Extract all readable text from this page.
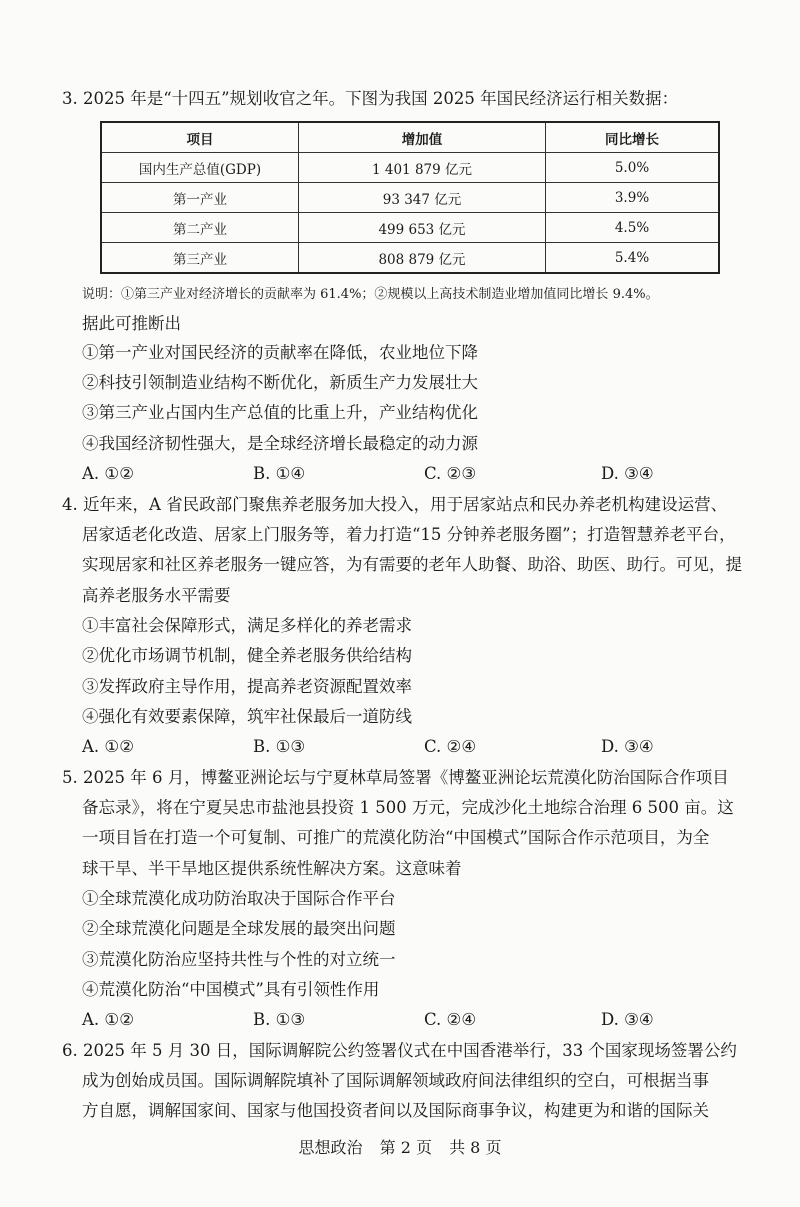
3. 2025 年是“十四五”规划收官之年。下图为我国 2025 年国民经济运行相关数据：
项目	增加值	同比增长
国内生产总值(GDP)	1 401 879 亿元	5.0%
第一产业	93 347 亿元	3.9%
第二产业	499 653 亿元	4.5%
第三产业	808 879 亿元	5.4%
说明：①第三产业对经济增长的贡献率为 61.4%；②规模以上高技术制造业增加值同比增长 9.4%。
据此可推断出
①第一产业对国民经济的贡献率在降低，农业地位下降
②科技引领制造业结构不断优化，新质生产力发展壮大
③第三产业占国内生产总值的比重上升，产业结构优化
④我国经济韧性强大，是全球经济增长最稳定的动力源
A. ①②	B. ①④	C. ②③	D. ③④
4. 近年来，A 省民政部门聚焦养老服务加大投入，用于居家站点和民办养老机构建设运营、
居家适老化改造、居家上门服务等，着力打造“15 分钟养老服务圈”；打造智慧养老平台，
实现居家和社区养老服务一键应答，为有需要的老年人助餐、助浴、助医、助行。可见，提
高养老服务水平需要
①丰富社会保障形式，满足多样化的养老需求
②优化市场调节机制，健全养老服务供给结构
③发挥政府主导作用，提高养老资源配置效率
④强化有效要素保障，筑牢社保最后一道防线
A. ①②	B. ①③	C. ②④	D. ③④
5. 2025 年 6 月，博鳌亚洲论坛与宁夏林草局签署《博鳌亚洲论坛荒漠化防治国际合作项目
备忘录》，将在宁夏吴忠市盐池县投资 1 500 万元，完成沙化土地综合治理 6 500 亩。这
一项目旨在打造一个可复制、可推广的荒漠化防治“中国模式”国际合作示范项目，为全
球干旱、半干旱地区提供系统性解决方案。这意味着
①全球荒漠化成功防治取决于国际合作平台
②全球荒漠化问题是全球发展的最突出问题
③荒漠化防治应坚持共性与个性的对立统一
④荒漠化防治“中国模式”具有引领性作用
A. ①②	B. ①③	C. ②④	D. ③④
6. 2025 年 5 月 30 日，国际调解院公约签署仪式在中国香港举行，33 个国家现场签署公约
成为创始成员国。国际调解院填补了国际调解领域政府间法律组织的空白，可根据当事
方自愿，调解国家间、国家与他国投资者间以及国际商事争议，构建更为和谐的国际关
思想政治 第 2 页 共 8 页
